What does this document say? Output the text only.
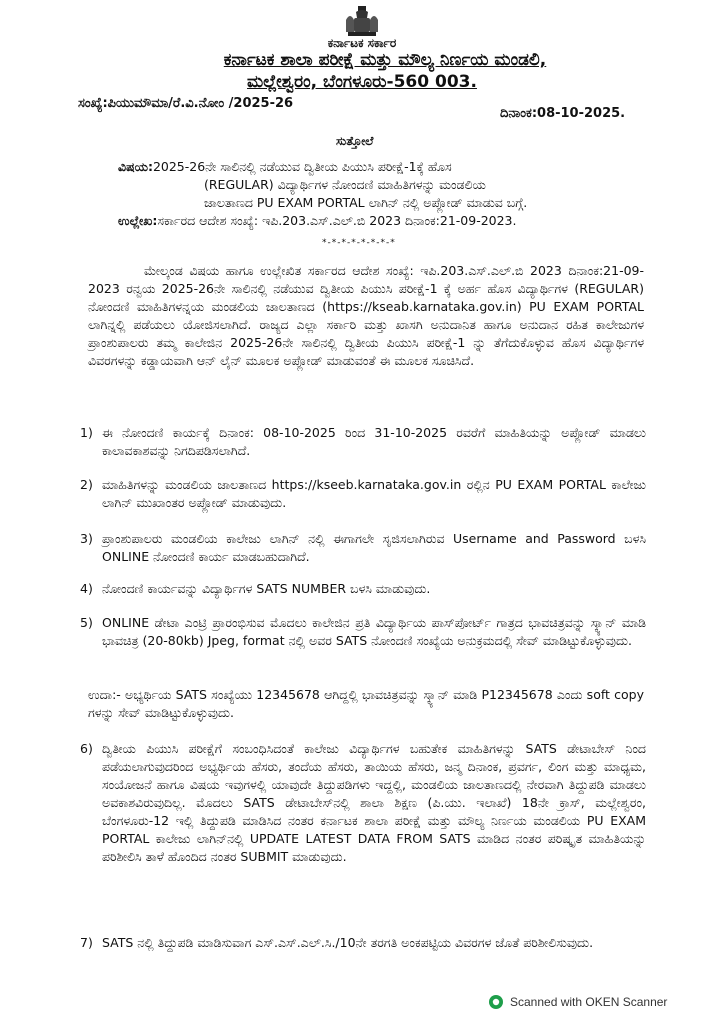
ಕರ್ನಾಟಕ ಸರ್ಕಾರ
ಕರ್ನಾಟಕ ಶಾಲಾ ಪರೀಕ್ಷೆ ಮತ್ತು ಮೌಲ್ಯ ನಿರ್ಣಯ ಮಂಡಲಿ,
ಮಲ್ಲೇಶ್ವರಂ, ಬೆಂಗಳೂರು-560 003.
ಸಂಖ್ಯೆ:ಪಿಯುಮೌಮಾ/ರೆ.ವಿ.ನೋಂ /2025-26
ದಿನಾಂಕ:08-10-2025.
ಸುತ್ತೋಲೆ
ವಿಷಯ:2025-26ನೇ ಸಾಲಿನಲ್ಲಿ ನಡೆಯುವ ದ್ವಿತೀಯ ಪಿಯುಸಿ ಪರೀಕ್ಷೆ-1ಕ್ಕೆ ಹೊಸ
(REGULAR) ವಿದ್ಯಾರ್ಥಿಗಳ ನೋಂದಣಿ ಮಾಹಿತಿಗಳನ್ನು ಮಂಡಲಿಯ
ಜಾಲತಾಣದ PU EXAM PORTAL ಲಾಗಿನ್ ನಲ್ಲಿ ಅಪ್ಲೋಡ್ ಮಾಡುವ ಬಗ್ಗೆ.
ಉಲ್ಲೇಖ:ಸರ್ಕಾರದ ಆದೇಶ ಸಂಖ್ಯೆ: ಇಪಿ.203.ಎಸ್.ಎಲ್.ಬಿ 2023 ದಿನಾಂಕ:21-09-2023.
*-*-*-*-*-*-*-*
ಮೇಲ್ಕಂಡ ವಿಷಯ ಹಾಗೂ ಉಲ್ಲೇಖಿತ ಸರ್ಕಾರದ ಆದೇಶ ಸಂಖ್ಯೆ: ಇಪಿ.203.ಎಸ್.ಎಲ್.ಬಿ 2023 ದಿನಾಂಕ:21-09-2023 ರನ್ವಯ 2025-26ನೇ ಸಾಲಿನಲ್ಲಿ ನಡೆಯುವ ದ್ವಿತೀಯ ಪಿಯುಸಿ ಪರೀಕ್ಷೆ-1 ಕ್ಕೆ ಅರ್ಹ ಹೊಸ ವಿದ್ಯಾರ್ಥಿಗಳ (REGULAR) ನೋಂದಣಿ ಮಾಹಿತಿಗಳನ್ನಯ ಮಂಡಲಿಯ ಜಾಲತಾಣದ (https://kseab.karnataka.gov.in) PU EXAM PORTAL ಲಾಗಿನ್ನಲ್ಲಿ ಪಡೆಯಲು ಯೋಜಿಸಲಾಗಿದೆ. ರಾಜ್ಯದ ಎಲ್ಲಾ ಸರ್ಕಾರಿ ಮತ್ತು ಖಾಸಗಿ ಅನುದಾನಿತ ಹಾಗೂ ಅನುದಾನ ರಹಿತ ಕಾಲೇಜುಗಳ ಪ್ರಾಂಶುಪಾಲರು ತಮ್ಮ ಕಾಲೇಜಿನ 2025-26ನೇ ಸಾಲಿನಲ್ಲಿ ದ್ವಿತೀಯ ಪಿಯುಸಿ ಪರೀಕ್ಷೆ-1 ನ್ನು ತೆಗೆದುಕೊಳ್ಳುವ ಹೊಸ ವಿದ್ಯಾರ್ಥಿಗಳ ವಿವರಗಳನ್ನು ಕಡ್ಡಾಯವಾಗಿ ಆನ್ ಲೈನ್ ಮೂಲಕ ಅಪ್ಲೋಡ್ ಮಾಡುವಂತೆ ಈ ಮೂಲಕ ಸೂಚಿಸಿದೆ.
1) ಈ ನೋಂದಣಿ ಕಾರ್ಯಕ್ಕೆ ದಿನಾಂಕ: 08-10-2025 ರಿಂದ 31-10-2025 ರವರೆಗೆ ಮಾಹಿತಿಯನ್ನು ಅಪ್ಲೋಡ್ ಮಾಡಲು ಕಾಲಾವಕಾಶವನ್ನು ನಿಗದಿಪಡಿಸಲಾಗಿದೆ.
2) ಮಾಹಿತಿಗಳನ್ನು ಮಂಡಲಿಯ ಜಾಲತಾಣದ https://kseeb.karnataka.gov.in ರಲ್ಲಿನ PU EXAM PORTAL ಕಾಲೇಜು ಲಾಗಿನ್ ಮುಖಾಂತರ ಅಪ್ಲೋಡ್ ಮಾಡುವುದು.
3) ಪ್ರಾಂಶುಪಾಲರು ಮಂಡಲಿಯ ಕಾಲೇಜು ಲಾಗಿನ್ ನಲ್ಲಿ ಈಗಾಗಲೇ ಸೃಜಿಸಲಾಗಿರುವ Username and Password ಬಳಸಿ ONLINE ನೋಂದಣಿ ಕಾರ್ಯ ಮಾಡಬಹುದಾಗಿದೆ.
4) ನೋಂದಣಿ ಕಾರ್ಯವನ್ನು ವಿದ್ಯಾರ್ಥಿಗಳ SATS NUMBER ಬಳಸಿ ಮಾಡುವುದು.
5) ONLINE ಡೇಟಾ ಎಂಟ್ರಿ ಪ್ರಾರಂಭಿಸುವ ಮೊದಲು ಕಾಲೇಜಿನ ಪ್ರತಿ ವಿದ್ಯಾರ್ಥಿಯ ಪಾಸ್‌ಪೋರ್ಟ್ ಗಾತ್ರದ ಭಾವಚಿತ್ರವನ್ನು ಸ್ಕ್ಯಾನ್ ಮಾಡಿ ಭಾವಚಿತ್ರ (20-80kb) Jpeg, format ನಲ್ಲಿ ಅವರ SATS ನೋಂದಣಿ ಸಂಖ್ಯೆಯ ಅನುಕ್ರಮದಲ್ಲಿ ಸೇವ್ ಮಾಡಿಟ್ಟುಕೊಳ್ಳುವುದು.
ಉದಾ:- ಅಭ್ಯರ್ಥಿಯ SATS ಸಂಖ್ಯೆಯು 12345678 ಆಗಿದ್ದಲ್ಲಿ ಭಾವಚಿತ್ರವನ್ನು ಸ್ಕ್ಯಾನ್ ಮಾಡಿ P12345678 ಎಂದು soft copy ಗಳನ್ನು ಸೇವ್ ಮಾಡಿಟ್ಟುಕೊಳ್ಳುವುದು.
6) ದ್ವಿತೀಯ ಪಿಯುಸಿ ಪರೀಕ್ಷೆಗೆ ಸಂಬಂಧಿಸಿದಂತೆ ಕಾಲೇಜು ವಿದ್ಯಾರ್ಥಿಗಳ ಬಹುತೇಕ ಮಾಹಿತಿಗಳನ್ನು SATS ಡೇಟಾಬೇಸ್ ನಿಂದ ಪಡೆಯಲಾಗುವುದರಿಂದ ಅಭ್ಯರ್ಥಿಯ ಹೆಸರು, ತಂದೆಯ ಹೆಸರು, ತಾಯಿಯ ಹೆಸರು, ಜನ್ಮ ದಿನಾಂಕ, ಪ್ರವರ್ಗ, ಲಿಂಗ ಮತ್ತು ಮಾಧ್ಯಮ, ಸಂಯೋಜನೆ ಹಾಗೂ ವಿಷಯ ಇವುಗಳಲ್ಲಿ ಯಾವುದೇ ತಿದ್ದುಪಡಿಗಳು ಇದ್ದಲ್ಲಿ, ಮಂಡಲಿಯ ಜಾಲತಾಣದಲ್ಲಿ ನೇರವಾಗಿ ತಿದ್ದುಪಡಿ ಮಾಡಲು ಅವಕಾಶವಿರುವುದಿಲ್ಲ. ಮೊದಲು SATS ಡೇಟಾಬೇಸ್‌ನಲ್ಲಿ ಶಾಲಾ ಶಿಕ್ಷಣ (ಪಿ.ಯು. ಇಲಾಖೆ) 18ನೇ ಕ್ರಾಸ್, ಮಲ್ಲೇಶ್ವರಂ, ಬೆಂಗಳೂರು-12 ಇಲ್ಲಿ ತಿದ್ದುಪಡಿ ಮಾಡಿಸಿದ ನಂತರ ಕರ್ನಾಟಕ ಶಾಲಾ ಪರೀಕ್ಷೆ ಮತ್ತು ಮೌಲ್ಯ ನಿರ್ಣಯ ಮಂಡಲಿಯ PU EXAM PORTAL ಕಾಲೇಜು ಲಾಗಿನ್‌ನಲ್ಲಿ UPDATE LATEST DATA FROM SATS ಮಾಡಿದ ನಂತರ ಪರಿಷ್ಕೃತ ಮಾಹಿತಿಯನ್ನು ಪರಿಶೀಲಿಸಿ ತಾಳೆ ಹೊಂದಿದ ನಂತರ SUBMIT ಮಾಡುವುದು.
7) SATS ನಲ್ಲಿ ತಿದ್ದುಪಡಿ ಮಾಡಿಸುವಾಗ ಎಸ್.ಎಸ್.ಎಲ್.ಸಿ./10ನೇ ತರಗತಿ ಅಂಕಪಟ್ಟಿಯ ವಿವರಗಳ ಜೊತೆ ಪರಿಶೀಲಿಸುವುದು.
Scanned with OKEN Scanner
